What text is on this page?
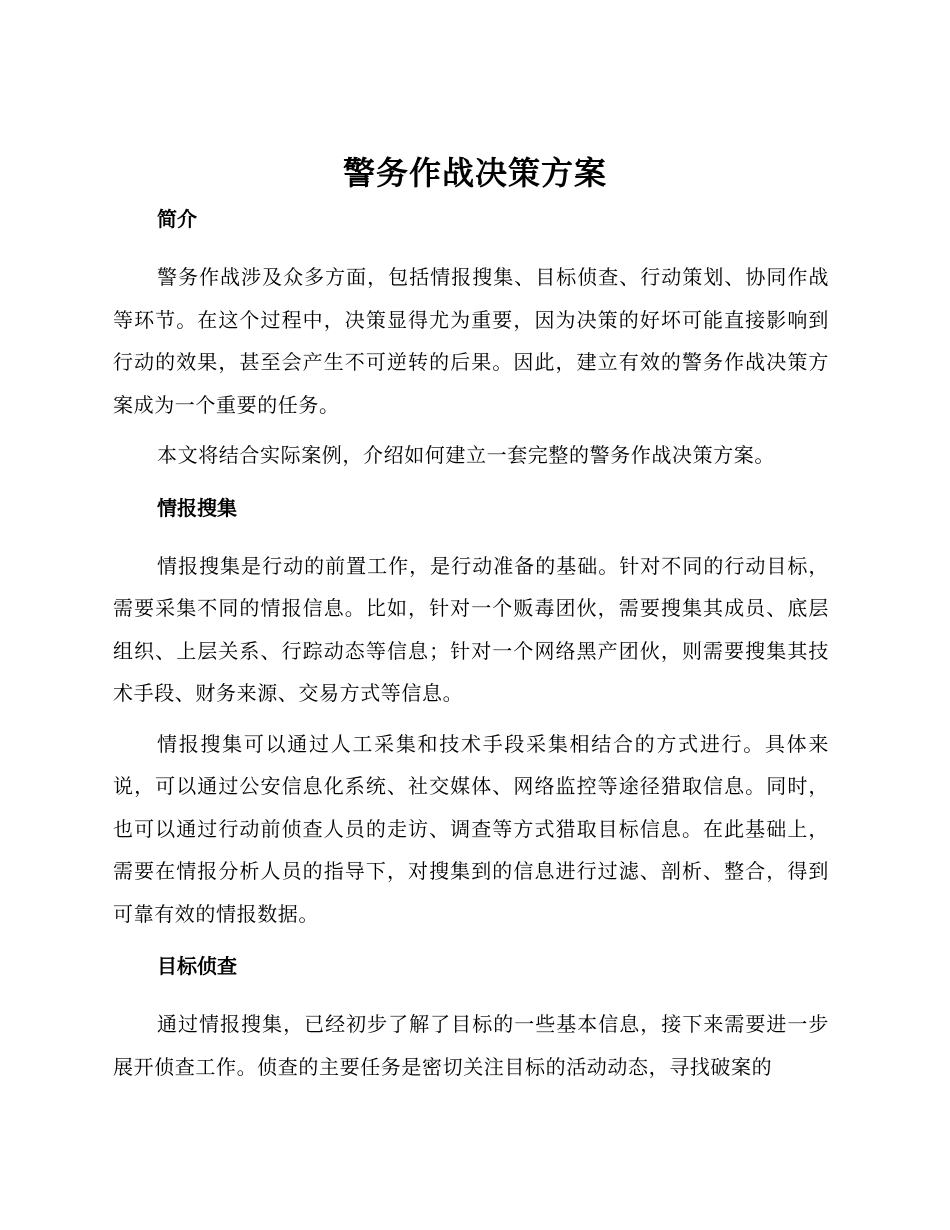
警务作战决策方案
简介

警务作战涉及众多方面，包括情报搜集、目标侦查、行动策划、协同作战等环节。在这个过程中，决策显得尤为重要，因为决策的好坏可能直接影响到行动的效果，甚至会产生不可逆转的后果。因此，建立有效的警务作战决策方案成为一个重要的任务。

本文将结合实际案例，介绍如何建立一套完整的警务作战决策方案。

情报搜集

情报搜集是行动的前置工作，是行动准备的基础。针对不同的行动目标，需要采集不同的情报信息。比如，针对一个贩毒团伙，需要搜集其成员、底层组织、上层关系、行踪动态等信息；针对一个网络黑产团伙，则需要搜集其技术手段、财务来源、交易方式等信息。

情报搜集可以通过人工采集和技术手段采集相结合的方式进行。具体来说，可以通过公安信息化系统、社交媒体、网络监控等途径猎取信息。同时，也可以通过行动前侦查人员的走访、调查等方式猎取目标信息。在此基础上，需要在情报分析人员的指导下，对搜集到的信息进行过滤、剖析、整合，得到可靠有效的情报数据。

目标侦查

通过情报搜集，已经初步了解了目标的一些基本信息，接下来需要进一步展开侦查工作。侦查的主要任务是密切关注目标的活动动态，寻找破案的
